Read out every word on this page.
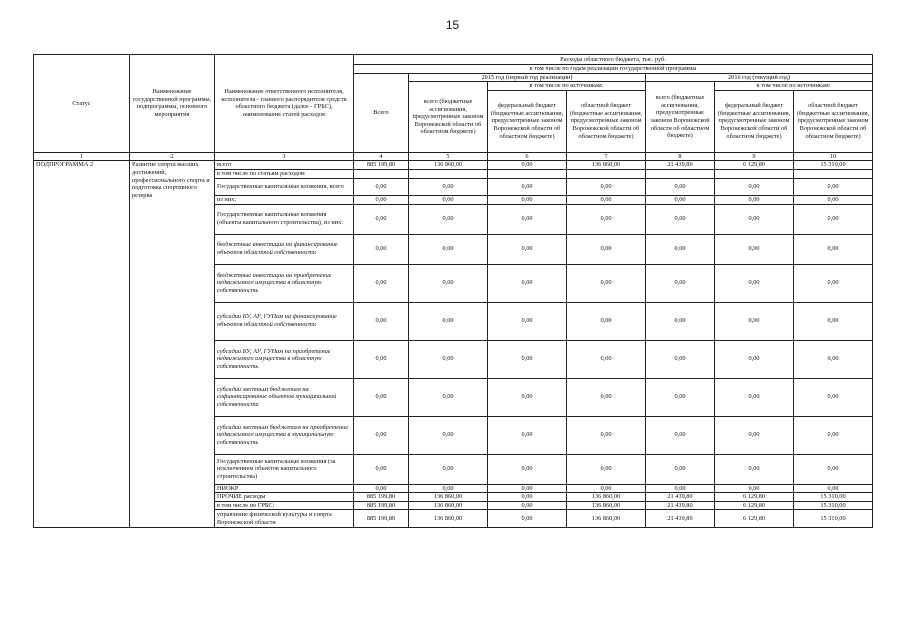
15
Статус	Наименование государственной программы, подпрограммы, основного мероприятия	Наименование ответственного исполнителя, исполнителя - главного распорядителя средств областного бюджета (далее - ГРБС), наименование статей расходов	Расходы областного бюджета, тыс. руб.						
			в том числе по годам реализации государственной программы						
			Всего	2015 год (первый год реализации)			2016 год (текущий год)		
				всего (бюджетные ассигнования, предусмотренные законом Воронежской области об областном бюджете)	в том числе по источникам:		всего (бюджетные ассигнования, предусмотренные законом Воронежской области об областном бюджете)	в том числе по источникам:	
					федеральный бюджет (бюджетные ассигнования, предусмотренные законом Воронежской области об областном бюджете)	областной бюджет (бюджетные ассигнования, предусмотренные законом Воронежской области об областном бюджете)		федеральный бюджет (бюджетные ассигнования, предусмотренные законом Воронежской области об областном бюджете)	областной бюджет (бюджетные ассигнования, предусмотренные законом Воронежской области об областном бюджете)
1	2	3	4	5	6	7	8	9	10
ПОДПРОГРАММА 2	Развитие спорта высших достижений, профессионального спорта и подготовка спортивного резерва	всего	885 199,80	136 860,00	0,00	136 860,00	21 439,80	6 129,80	15 310,00
		в том числе по статьям расходов:							
		Государственные капитальные вложения, всего	0,00	0,00	0,00	0,00	0,00	0,00	0,00
		из них:	0,00	0,00	0,00	0,00	0,00	0,00	0,00
		Государственные капитальные вложения (объекты капитального строительства), из них:	0,00	0,00	0,00	0,00	0,00	0,00	0,00
		бюджетные инвестиции на финансирование объектов областной собственности	0,00	0,00	0,00	0,00	0,00	0,00	0,00
		бюджетные инвестиции на приобретение недвижимого имущества в областную собственность	0,00	0,00	0,00	0,00	0,00	0,00	0,00
		субсидии БУ, АУ, ГУПам на финансирование объектов областной собственности	0,00	0,00	0,00	0,00	0,00	0,00	0,00
		субсидии БУ, АУ, ГУПам на приобретение недвижимого имущества в областную собственность	0,00	0,00	0,00	0,00	0,00	0,00	0,00
		субсидии местным бюджетам на софинансирование объектов муниципальной собственности	0,00	0,00	0,00	0,00	0,00	0,00	0,00
		субсидии местным бюджетам на приобретение недвижимого имущества в муниципальную собственность	0,00	0,00	0,00	0,00	0,00	0,00	0,00
		Государственные капитальные вложения (за исключением объектов капитального строительства)	0,00	0,00	0,00	0,00	0,00	0,00	0,00
		НИОКР	0,00	0,00	0,00	0,00	0,00	0,00	0,00
		ПРОЧИЕ расходы	885 199,80	136 860,00	0,00	136 860,00	21 439,80	6 129,80	15 310,00
		в том числе по ГРБС:	885 199,80	136 860,00	0,00	136 860,00	21 439,80	6 129,80	15 310,00
		управление физической культуры и спорта Воронежской области	885 199,80	136 860,00	0,00	136 860,00	21 439,80	6 129,80	15 310,00
